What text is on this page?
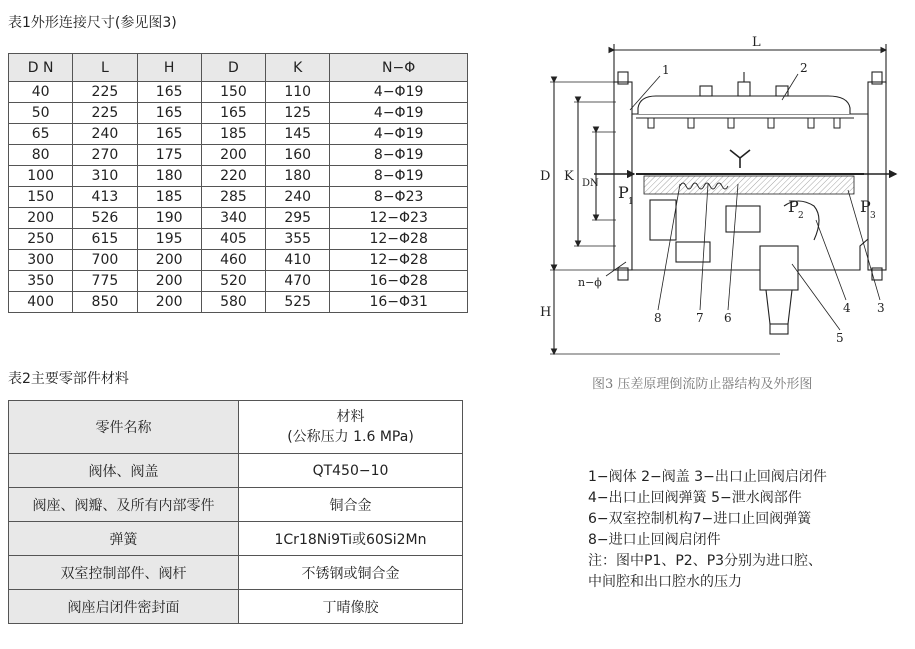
表1外形连接尺寸(参见图3)
D N	L	H	D	K	N−Φ
40	225	165	150	110	4−Φ19
50	225	165	165	125	4−Φ19
65	240	165	185	145	4−Φ19
80	270	175	200	160	8−Φ19
100	310	180	220	180	8−Φ19
150	413	185	285	240	8−Φ23
200	526	190	340	295	12−Φ23
250	615	195	405	355	12−Φ28
300	700	200	460	410	12−Φ28
350	775	200	520	470	16−Φ28
400	850	200	580	525	16−Φ31
表2主要零部件材料
零件名称	材料
(公称压力 1.6 MPa)

阀体、阀盖	QT450−10
阀座、阀瓣、及所有内部零件	铜合金
弹簧	1Cr18Ni9Ti或60Si2Mn
双室控制部件、阀杆	不锈钢或铜合金
阀座启闭件密封面	丁晴像胶
L
D K DN
H
n−ϕ
P 1	P 2	P 3
1	2
3
4
5
6
7
8
图3 压差原理倒流防止器结构及外形图
1−阀体 2−阀盖 3−出口止回阀启闭件
4−出口止回阀弹簧 5−泄水阀部件
6−双室控制机构7−进口止回阀弹簧
8−进口止回阀启闭件
注：图中P1、P2、P3分别为进口腔、
中间腔和出口腔水的压力
